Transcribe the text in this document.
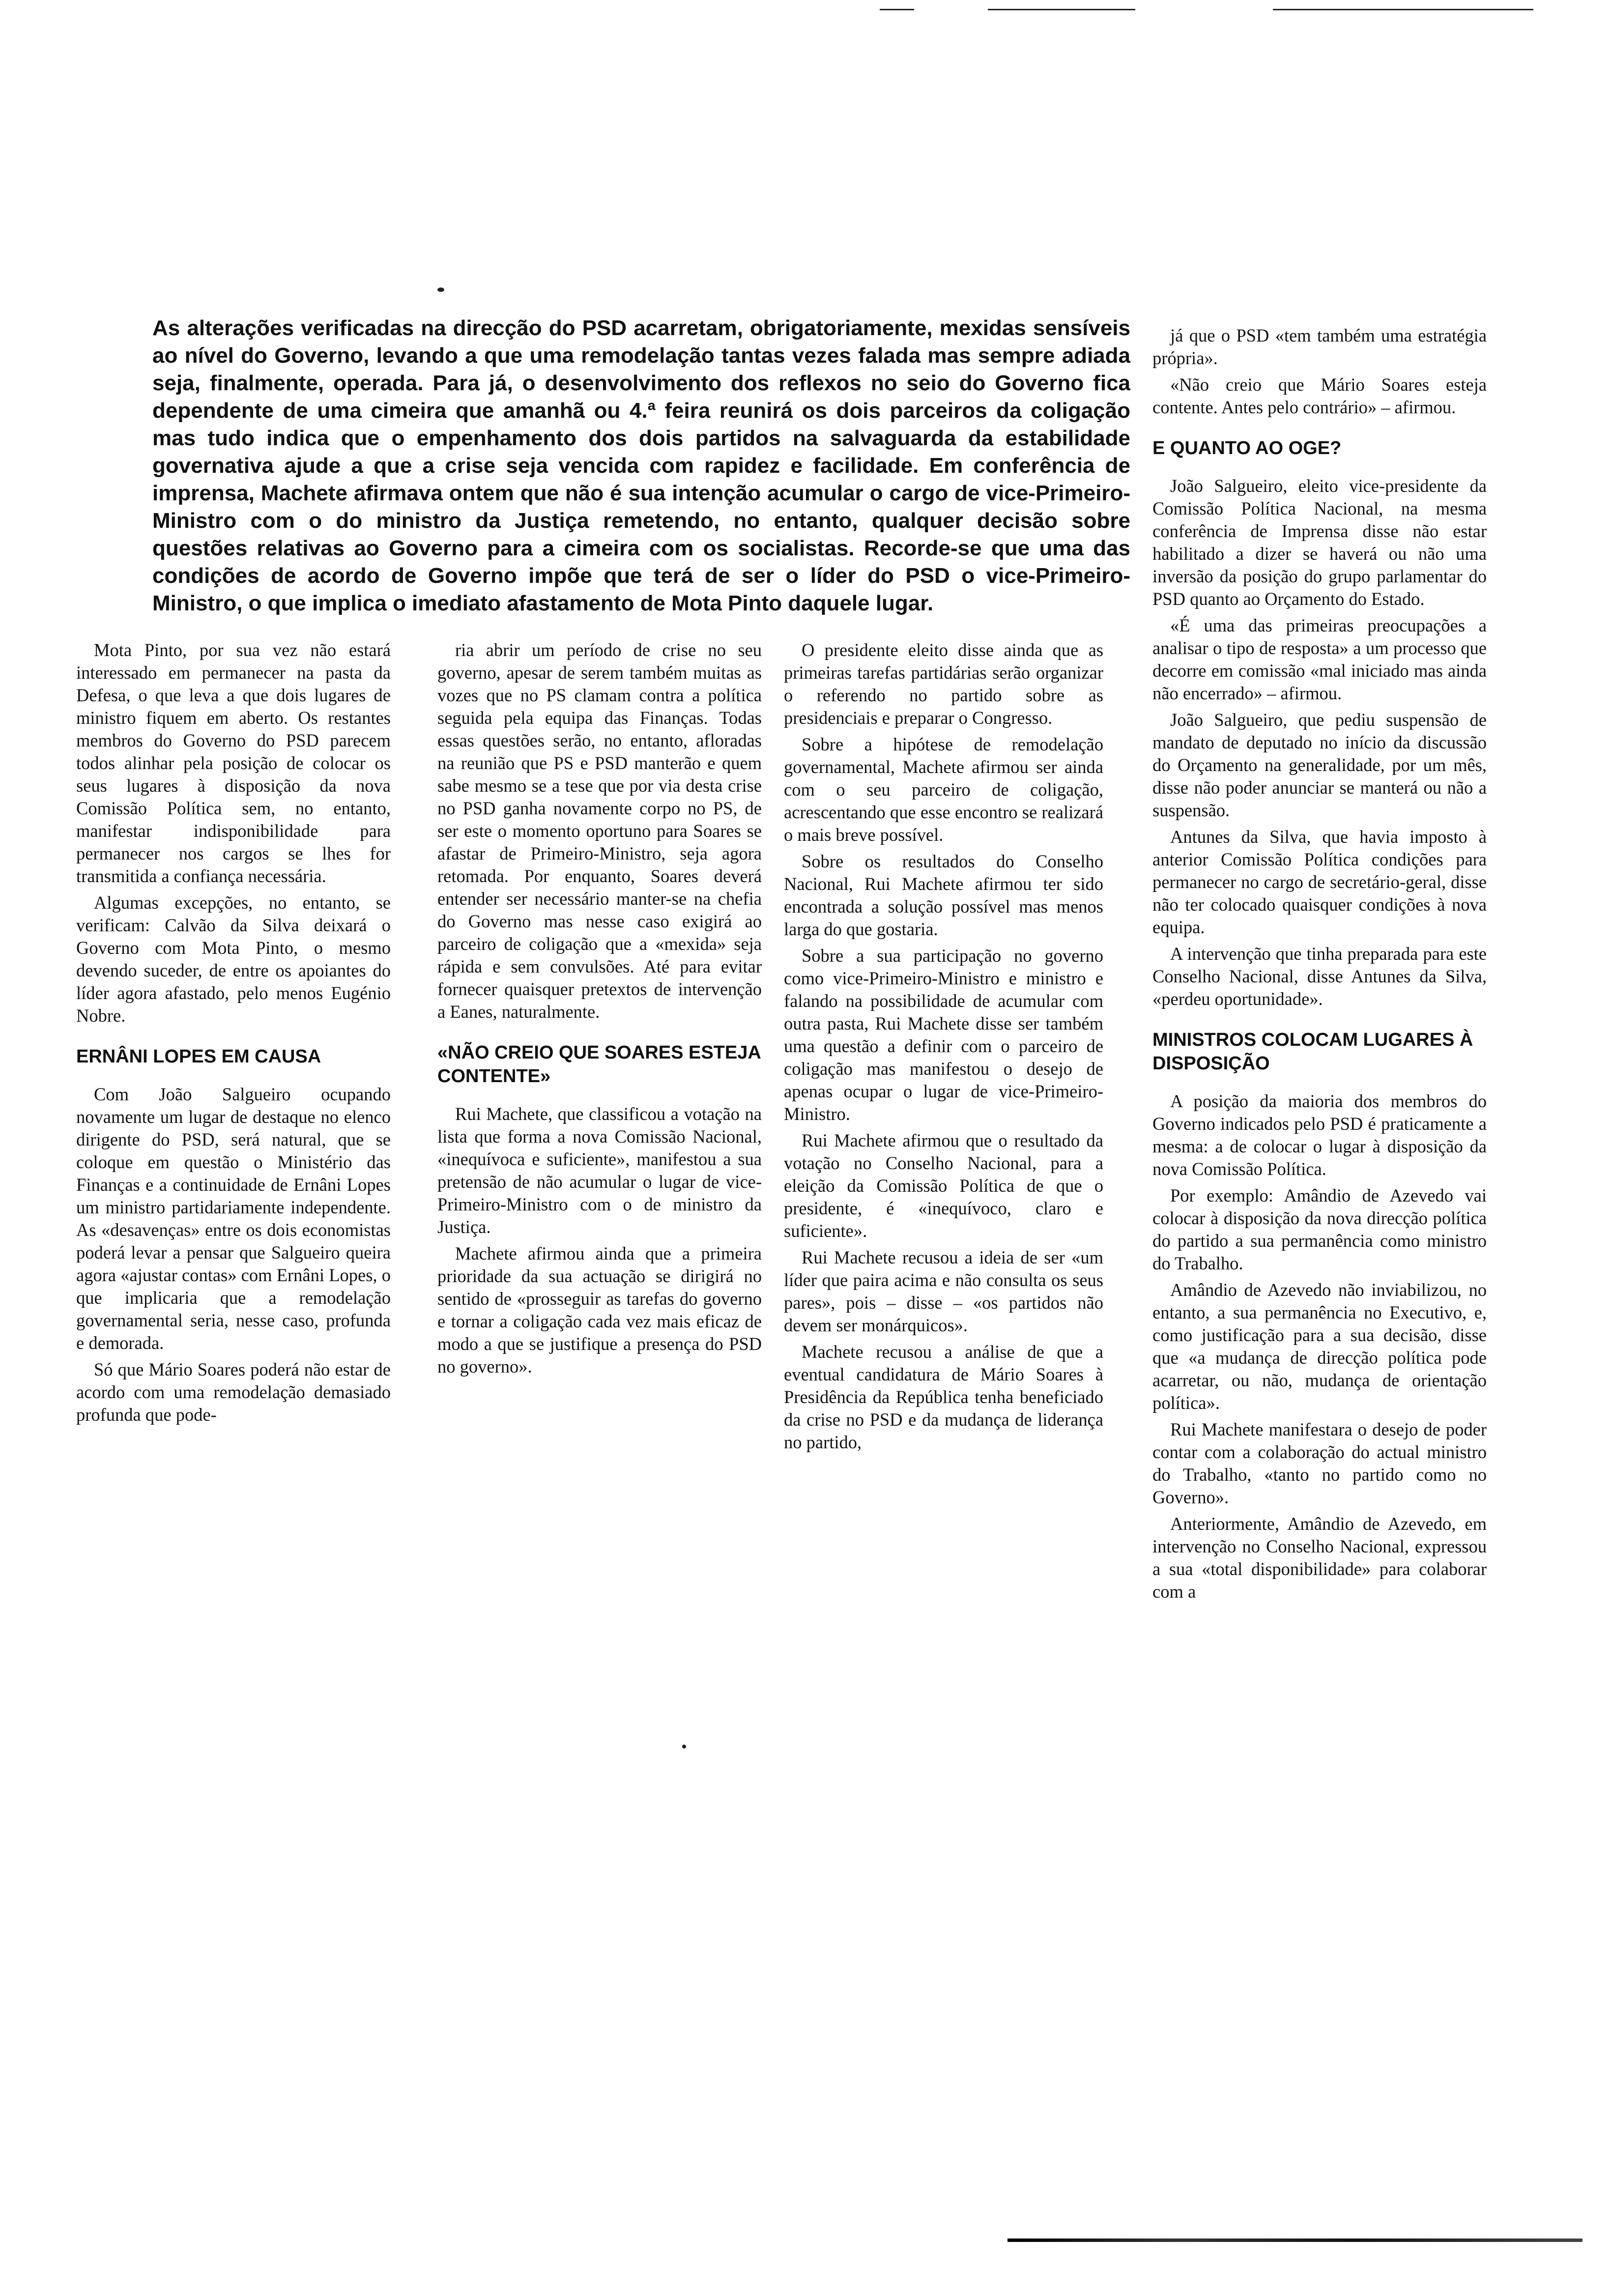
As alterações verificadas na direcção do PSD acarretam, obrigatoriamente, mexidas sensíveis ao nível do Governo, levando a que uma remodelação tantas vezes falada mas sempre adiada seja, finalmente, operada. Para já, o desenvolvimento dos reflexos no seio do Governo fica dependente de uma cimeira que amanhã ou 4.ª feira reunirá os dois parceiros da coligação mas tudo indica que o empenhamento dos dois partidos na salvaguarda da estabilidade governativa ajude a que a crise seja vencida com rapidez e facilidade. Em conferência de imprensa, Machete afirmava ontem que não é sua intenção acumular o cargo de vice-Primeiro-Ministro com o do ministro da Justiça remetendo, no entanto, qualquer decisão sobre questões relativas ao Governo para a cimeira com os socialistas. Recorde-se que uma das condições de acordo de Governo impõe que terá de ser o líder do PSD o vice-Primeiro-Ministro, o que implica o imediato afastamento de Mota Pinto daquele lugar.

Mota Pinto, por sua vez não estará interessado em permanecer na pasta da Defesa, o que leva a que dois lugares de ministro fiquem em aberto. Os restantes membros do Governo do PSD parecem todos alinhar pela posição de colocar os seus lugares à disposição da nova Comissão Política sem, no entanto, manifestar indisponibilidade para permanecer nos cargos se lhes for transmitida a confiança necessária.

Algumas excepções, no entanto, se verificam: Calvão da Silva deixará o Governo com Mota Pinto, o mesmo devendo suceder, de entre os apoiantes do líder agora afastado, pelo menos Eugénio Nobre.

ERNÂNI LOPES EM CAUSA

Com João Salgueiro ocupando novamente um lugar de destaque no elenco dirigente do PSD, será natural, que se coloque em questão o Ministério das Finanças e a continuidade de Ernâni Lopes um ministro partidariamente independente. As «desavenças» entre os dois economistas poderá levar a pensar que Salgueiro queira agora «ajustar contas» com Ernâni Lopes, o que implicaria que a remodelação governamental seria, nesse caso, profunda e demorada.

Só que Mário Soares poderá não estar de acordo com uma remodelação demasiado profunda que pode-

ria abrir um período de crise no seu governo, apesar de serem também muitas as vozes que no PS clamam contra a política seguida pela equipa das Finanças. Todas essas questões serão, no entanto, afloradas na reunião que PS e PSD manterão e quem sabe mesmo se a tese que por via desta crise no PSD ganha novamente corpo no PS, de ser este o momento oportuno para Soares se afastar de Primeiro-Ministro, seja agora retomada. Por enquanto, Soares deverá entender ser necessário manter-se na chefia do Governo mas nesse caso exigirá ao parceiro de coligação que a «mexida» seja rápida e sem convulsões. Até para evitar fornecer quaisquer pretextos de intervenção a Eanes, naturalmente.

«NÃO CREIO QUE SOARES ESTEJA CONTENTE»

Rui Machete, que classificou a votação na lista que forma a nova Comissão Nacional, «inequívoca e suficiente», manifestou a sua pretensão de não acumular o lugar de vice-Primeiro-Ministro com o de ministro da Justiça.

Machete afirmou ainda que a primeira prioridade da sua actuação se dirigirá no sentido de «prosseguir as tarefas do governo e tornar a coligação cada vez mais eficaz de modo a que se justifique a presença do PSD no governo».

O presidente eleito disse ainda que as primeiras tarefas partidárias serão organizar o referendo no partido sobre as presidenciais e preparar o Congresso.

Sobre a hipótese de remodelação governamental, Machete afirmou ser ainda com o seu parceiro de coligação, acrescentando que esse encontro se realizará o mais breve possível.

Sobre os resultados do Conselho Nacional, Rui Machete afirmou ter sido encontrada a solução possível mas menos larga do que gostaria.

Sobre a sua participação no governo como vice-Primeiro-Ministro e ministro e falando na possibilidade de acumular com outra pasta, Rui Machete disse ser também uma questão a definir com o parceiro de coligação mas manifestou o desejo de apenas ocupar o lugar de vice-Primeiro-Ministro.

Rui Machete afirmou que o resultado da votação no Conselho Nacional, para a eleição da Comissão Política de que o presidente, é «inequívoco, claro e suficiente».

Rui Machete recusou a ideia de ser «um líder que paira acima e não consulta os seus pares», pois – disse – «os partidos não devem ser monárquicos».

Machete recusou a análise de que a eventual candidatura de Mário Soares à Presidência da República tenha beneficiado da crise no PSD e da mudança de liderança no partido,

já que o PSD «tem também uma estratégia própria».

«Não creio que Mário Soares esteja contente. Antes pelo contrário» – afirmou.

E QUANTO AO OGE?

João Salgueiro, eleito vice-presidente da Comissão Política Nacional, na mesma conferência de Imprensa disse não estar habilitado a dizer se haverá ou não uma inversão da posição do grupo parlamentar do PSD quanto ao Orçamento do Estado.

«É uma das primeiras preocupações a analisar o tipo de resposta» a um processo que decorre em comissão «mal iniciado mas ainda não encerrado» – afirmou.

João Salgueiro, que pediu suspensão de mandato de deputado no início da discussão do Orçamento na generalidade, por um mês, disse não poder anunciar se manterá ou não a suspensão.

Antunes da Silva, que havia imposto à anterior Comissão Política condições para permanecer no cargo de secretário-geral, disse não ter colocado quaisquer condições à nova equipa.

A intervenção que tinha preparada para este Conselho Nacional, disse Antunes da Silva, «perdeu oportunidade».

MINISTROS COLOCAM LUGARES À DISPOSIÇÃO

A posição da maioria dos membros do Governo indicados pelo PSD é praticamente a mesma: a de colocar o lugar à disposição da nova Comissão Política.

Por exemplo: Amândio de Azevedo vai colocar à disposição da nova direcção política do partido a sua permanência como ministro do Trabalho.

Amândio de Azevedo não inviabilizou, no entanto, a sua permanência no Executivo, e, como justificação para a sua decisão, disse que «a mudança de direcção política pode acarretar, ou não, mudança de orientação política».

Rui Machete manifestara o desejo de poder contar com a colaboração do actual ministro do Trabalho, «tanto no partido como no Governo».

Anteriormente, Amândio de Azevedo, em intervenção no Conselho Nacional, expressou a sua «total disponibilidade» para colaborar com a
